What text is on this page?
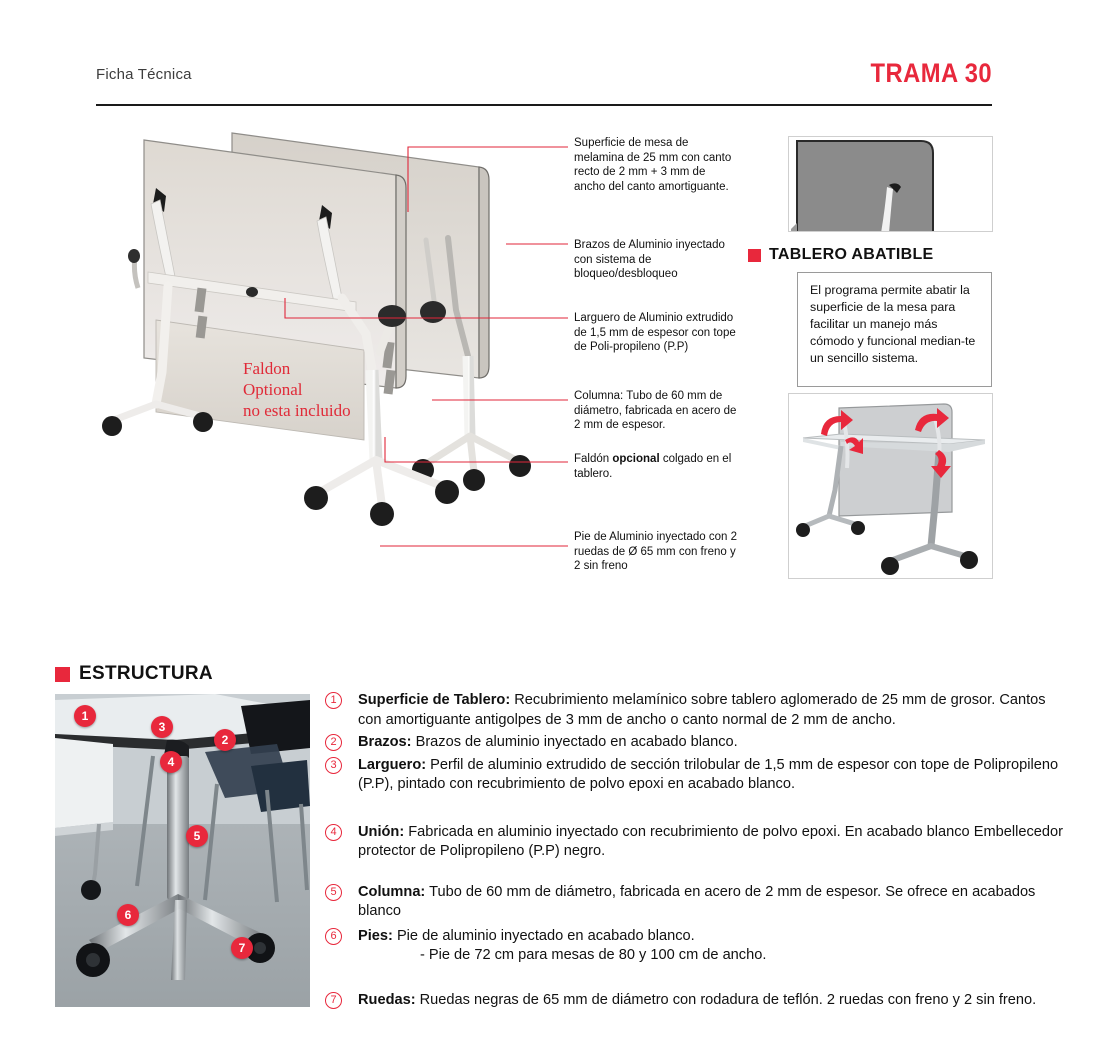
Ficha Técnica	TRAMA 30
Faldon
Optional
no esta incluido
Superficie de mesa de melamina de 25 mm con canto recto de 2 mm + 3 mm de ancho del canto amortiguante.
Brazos de Aluminio inyectado con sistema de bloqueo/desbloqueo
Larguero de Aluminio extrudido de 1,5 mm de espesor con tope de Poli-propileno (P.P)
Columna: Tubo de 60 mm de diámetro, fabricada en acero de 2 mm de espesor.
Faldón opcional colgado en el tablero.
Pie de Aluminio inyectado con 2 ruedas de Ø 65 mm con freno y 2 sin freno
TABLERO ABATIBLE
El programa permite abatir la superficie de la mesa para facilitar un manejo más cómodo y funcional median-te un sencillo sistema.
ESTRUCTURA
1
3
2
4
5
6
7
1	Superficie de Tablero: Recubrimiento melamínico sobre tablero aglomerado de 25 mm de grosor. Cantos con amortiguante antigolpes de 3 mm de ancho o canto normal de 2 mm de ancho.
2	Brazos: Brazos de aluminio inyectado en acabado blanco.
3	Larguero: Perfil de aluminio extrudido de sección trilobular de 1,5 mm de espesor con tope de Polipropileno (P.P), pintado con recubrimiento de polvo epoxi en acabado blanco.
4	Unión: Fabricada en aluminio inyectado con recubrimiento de polvo epoxi. En acabado blanco Embellecedor protector de Polipropileno (P.P) negro.
5	Columna: Tubo de 60 mm de diámetro, fabricada en acero de 2 mm de espesor. Se ofrece en acabados blanco
6	Pies: Pie de aluminio inyectado en acabado blanco.
- Pie de 72 cm para mesas de 80 y 100 cm de ancho.
7	Ruedas: Ruedas negras de 65 mm de diámetro con rodadura de teflón. 2 ruedas con freno y 2 sin freno.
